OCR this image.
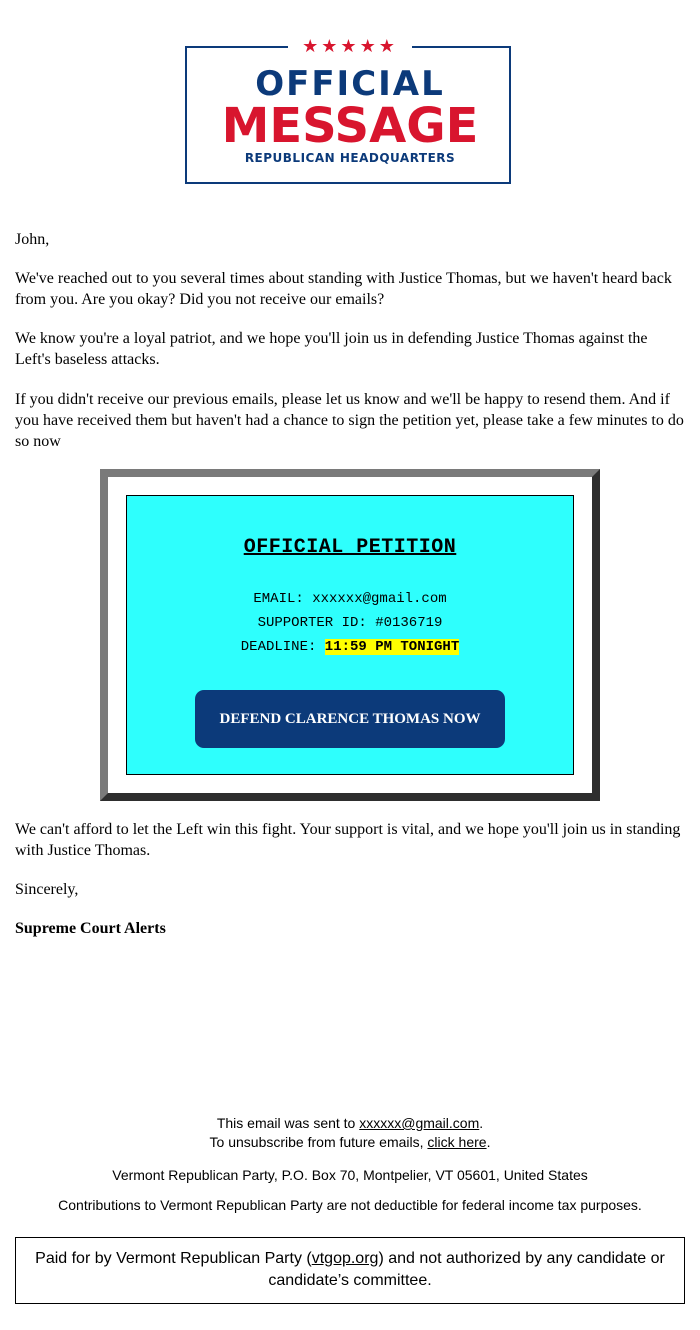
★★★★★
OFFICIAL
MESSAGE
REPUBLICAN HEADQUARTERS

John,

We've reached out to you several times about standing with Justice Thomas, but we haven't heard back from you. Are you okay? Did you not receive our emails?

We know you're a loyal patriot, and we hope you'll join us in defending Justice Thomas against the Left's baseless attacks.

If you didn't receive our previous emails, please let us know and we'll be happy to resend them. And if you have received them but haven't had a chance to sign the petition yet, please take a few minutes to do so now

OFFICIAL PETITION
EMAIL: xxxxxx@gmail.com
SUPPORTER ID: #0136719
DEADLINE: 11:59 PM TONIGHT
DEFEND CLARENCE THOMAS NOW

We can't afford to let the Left win this fight. Your support is vital, and we hope you'll join us in standing with Justice Thomas.

Sincerely,

Supreme Court Alerts

This email was sent to xxxxxx@gmail.com.
To unsubscribe from future emails, click here.
Vermont Republican Party, P.O. Box 70, Montpelier, VT 05601, United States
Contributions to Vermont Republican Party are not deductible for federal income tax purposes.
Paid for by Vermont Republican Party (vtgop.org) and not authorized by any candidate or candidate’s committee.
